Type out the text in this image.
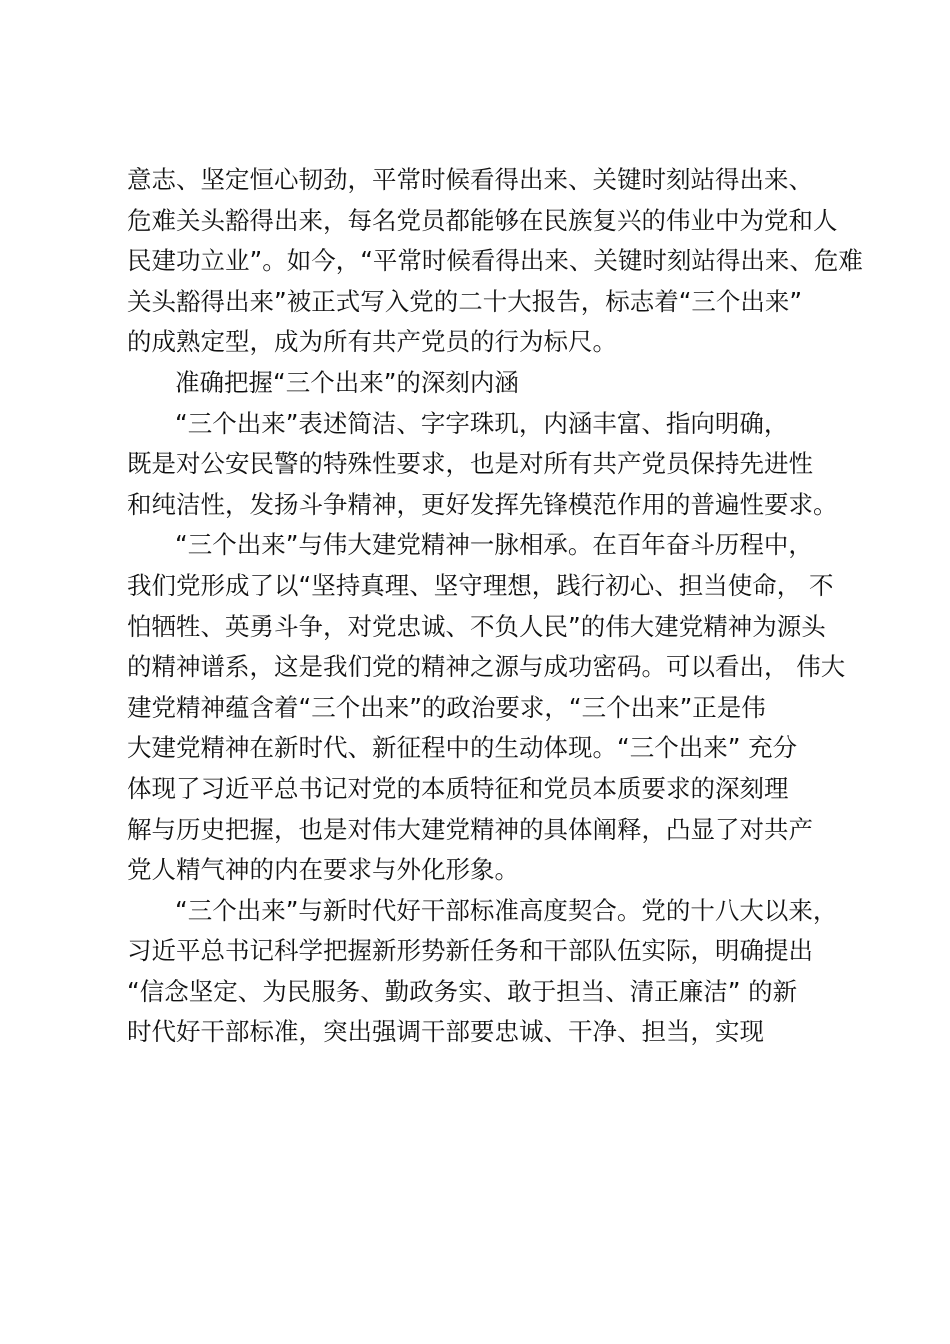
意志、坚定恒心韧劲，平常时候看得出来、关键时刻站得出来、
危难关头豁得出来，每名党员都能够在民族复兴的伟业中为党和人
民建功立业”。如今，“平常时候看得出来、关键时刻站得出来、危难
关头豁得出来”被正式写入党的二十大报告，标志着“三个出来”
的成熟定型，成为所有共产党员的行为标尺。
准确把握“三个出来”的深刻内涵
“三个出来”表述简洁、字字珠玑，内涵丰富、指向明确，
既是对公安民警的特殊性要求，也是对所有共产党员保持先进性
和纯洁性，发扬斗争精神，更好发挥先锋模范作用的普遍性要求。
“三个出来”与伟大建党精神一脉相承。在百年奋斗历程中，
我们党形成了以“坚持真理、坚守理想，践行初心、担当使命， 不
怕牺牲、英勇斗争，对党忠诚、不负人民”的伟大建党精神为源头
的精神谱系，这是我们党的精神之源与成功密码。可以看出， 伟大
建党精神蕴含着“三个出来”的政治要求，“三个出来”正是伟
大建党精神在新时代、新征程中的生动体现。“三个出来” 充分
体现了习近平总书记对党的本质特征和党员本质要求的深刻理
解与历史把握，也是对伟大建党精神的具体阐释，凸显了对共产
党人精气神的内在要求与外化形象。
“三个出来”与新时代好干部标准高度契合。党的十八大以来，
习近平总书记科学把握新形势新任务和干部队伍实际，明确提出
“信念坚定、为民服务、勤政务实、敢于担当、清正廉洁” 的新
时代好干部标准，突出强调干部要忠诚、干净、担当，实现
